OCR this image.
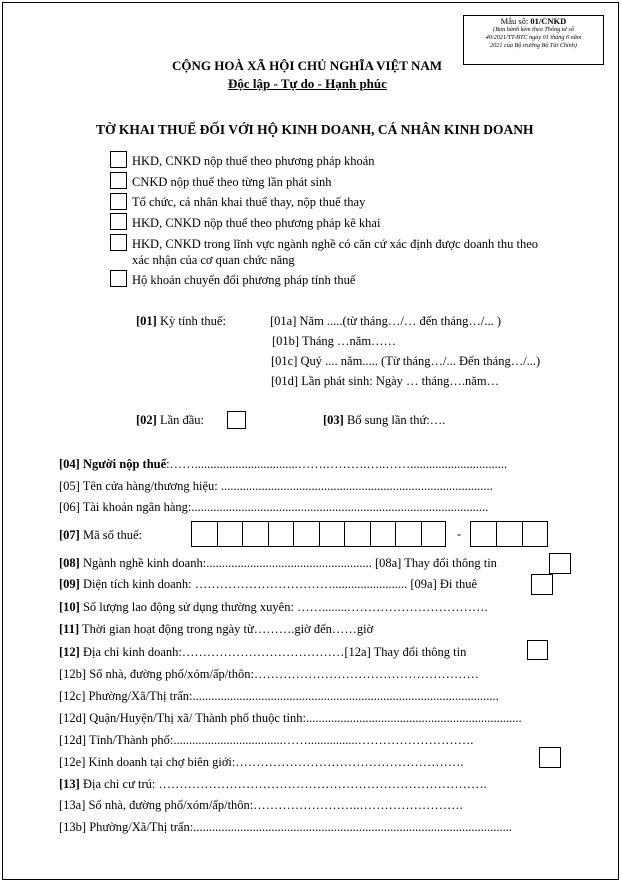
Mẫu số: 01/CNKD
(Ban hành kèm theo Thông tư số
40/2021/TT-BTC ngày 01 tháng 6 năm
2021 của Bộ trưởng Bộ Tài Chính)
CỘNG HOÀ XÃ HỘI CHỦ NGHĨA VIỆT NAM
Độc lập - Tự do - Hạnh phúc
TỜ KHAI THUẾ ĐỐI VỚI HỘ KINH DOANH, CÁ NHÂN KINH DOANH
HKD, CNKD nộp thuế theo phương pháp khoán
CNKD nộp thuế theo từng lần phát sinh
Tổ chức, cá nhân khai thuế thay, nộp thuế thay
HKD, CNKD nộp thuế theo phương pháp kê khai
HKD, CNKD trong lĩnh vực ngành nghề có căn cứ xác định được doanh thu theo
xác nhận của cơ quan chức năng
Hộ khoán chuyển đổi phương pháp tính thuế
[01] Kỳ tính thuế:	[01a] Năm .....(từ tháng…/… đến tháng…/... )
[01b] Tháng …năm……
[01c] Quý .... năm..... (Từ tháng…/... Đến tháng…/...)
[01d] Lần phát sinh: Ngày … tháng….năm…
[02] Lần đầu:	[03] Bổ sung lần thứ:….
[04] Người nộp thuế:…….................................…….……….…..……...............................
[05] Tên cửa hàng/thương hiệu: .......................................................................................
[06] Tài khoản ngân hàng:...............................................................................................
[07] Mã số thuế:	-
[08] Ngành nghề kinh doanh:..................................................... [08a] Thay đổi thông tin
[09] Diện tích kinh doanh: ……………………………........................ [09a] Đi thuê
[10] Số lượng lao động sử dụng thường xuyên: ……........…………………………….
[11] Thời gian hoạt động trong ngày từ……….giờ đến……giờ
[12] Địa chỉ kinh doanh:…………………………………[12a] Thay đổi thông tin
[12b] Số nhà, đường phố/xóm/ấp/thôn:………………………………………………
[12c] Phường/Xã/Thị trấn:..................................................................................................
[12d] Quận/Huyện/Thị xã/ Thành phố thuộc tỉnh:.....................................................................
[12đ] Tỉnh/Thành phố:...................................……................……………………….
[12e] Kinh doanh tại chợ biên giới:……………………………………………….
[13] Địa chỉ cư trú: …………………………………………………………………….
[13a] Số nhà, đường phố/xóm/ấp/thôn:……………………..…………………….
[13b] Phường/Xã/Thị trấn:......................................................................................................
